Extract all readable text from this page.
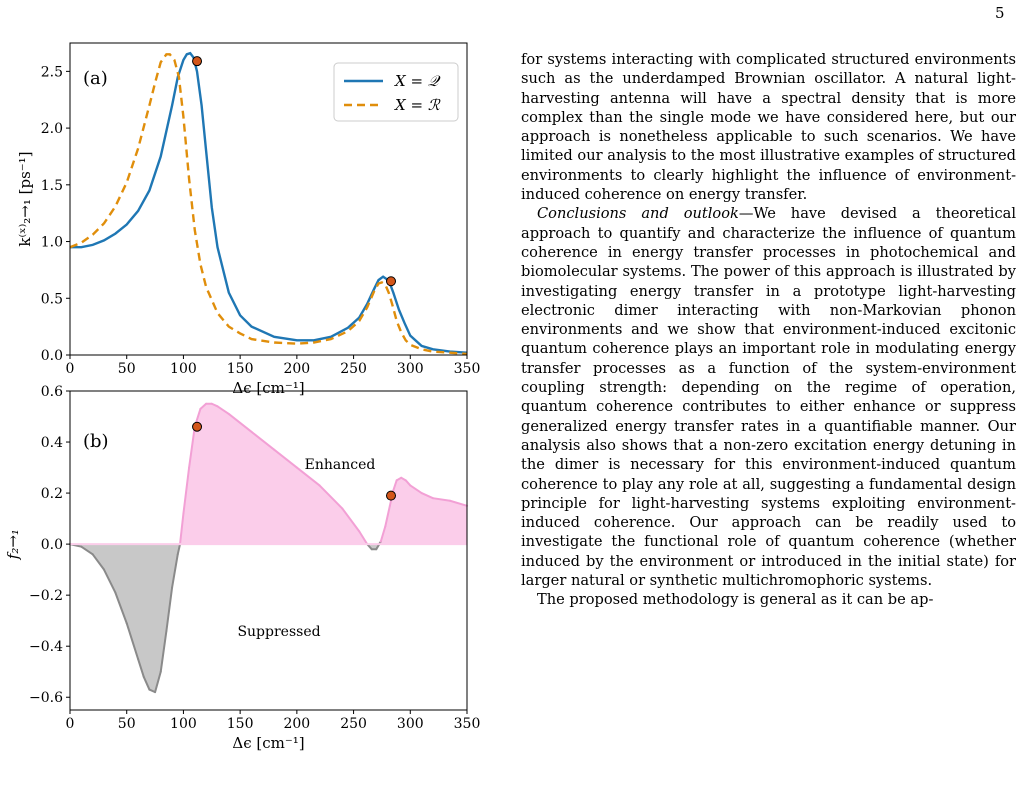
5
0	50 100 150 200 250 300 350
0.0
0.5
1.0
1.5
2.0
2.5
Δϵ [cm⁻¹]
k⁽ˣ⁾₂→₁ [ps⁻¹]
(a)	X = 𝒬
X = ℛ
0	50 100 150 200 250 300 350
−0.6
−0.4
−0.2
0.0
0.2
0.4
0.6
Δϵ [cm⁻¹]
f₂→₁
(b)
Enhanced
Suppressed

for systems interacting with complicated structured environments such as the underdamped Brownian oscillator. A natural light-harvesting antenna will have a spectral density that is more complex than the single mode we have considered here, but our approach is nonetheless applicable to such scenarios. We have limited our analysis to the most illustrative examples of structured environments to clearly highlight the influence of environment-induced coherence on energy transfer.

Conclusions and outlook—We have devised a theoretical approach to quantify and characterize the influence of quantum coherence in energy transfer processes in photochemical and biomolecular systems. The power of this approach is illustrated by investigating energy transfer in a prototype light-harvesting electronic dimer interacting with non-Markovian phonon environments and we show that environment-induced excitonic quantum coherence plays an important role in modulating energy transfer processes as a function of the system-environment coupling strength: depending on the regime of operation, quantum coherence contributes to either enhance or suppress generalized energy transfer rates in a quantifiable manner. Our analysis also shows that a non-zero excitation energy detuning in the dimer is necessary for this environment-induced quantum coherence to play any role at all, suggesting a fundamental design principle for light-harvesting systems exploiting environment-induced coherence. Our approach can be readily used to investigate the functional role of quantum coherence (whether induced by the environment or introduced in the initial state) for larger natural or synthetic multichromophoric systems.

The proposed methodology is general as it can be ap-
